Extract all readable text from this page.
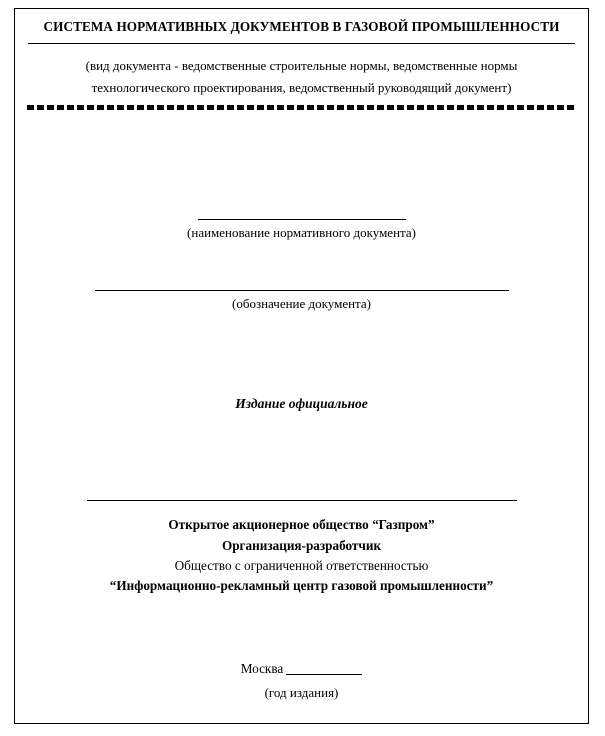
СИСТЕМА НОРМАТИВНЫХ ДОКУМЕНТОВ В ГАЗОВОЙ ПРОМЫШЛЕННОСТИ
(вид документа - ведомственные строительные нормы, ведомственные нормы технологического проектирования, ведомственный руководящий документ)
(наименование нормативного документа)
(обозначение документа)
Издание официальное
Открытое акционерное общество “Газпром”
Организация-разработчик
Общество с ограниченной ответственностью
“Информационно-рекламный центр газовой промышленности”
Москва
(год издания)
